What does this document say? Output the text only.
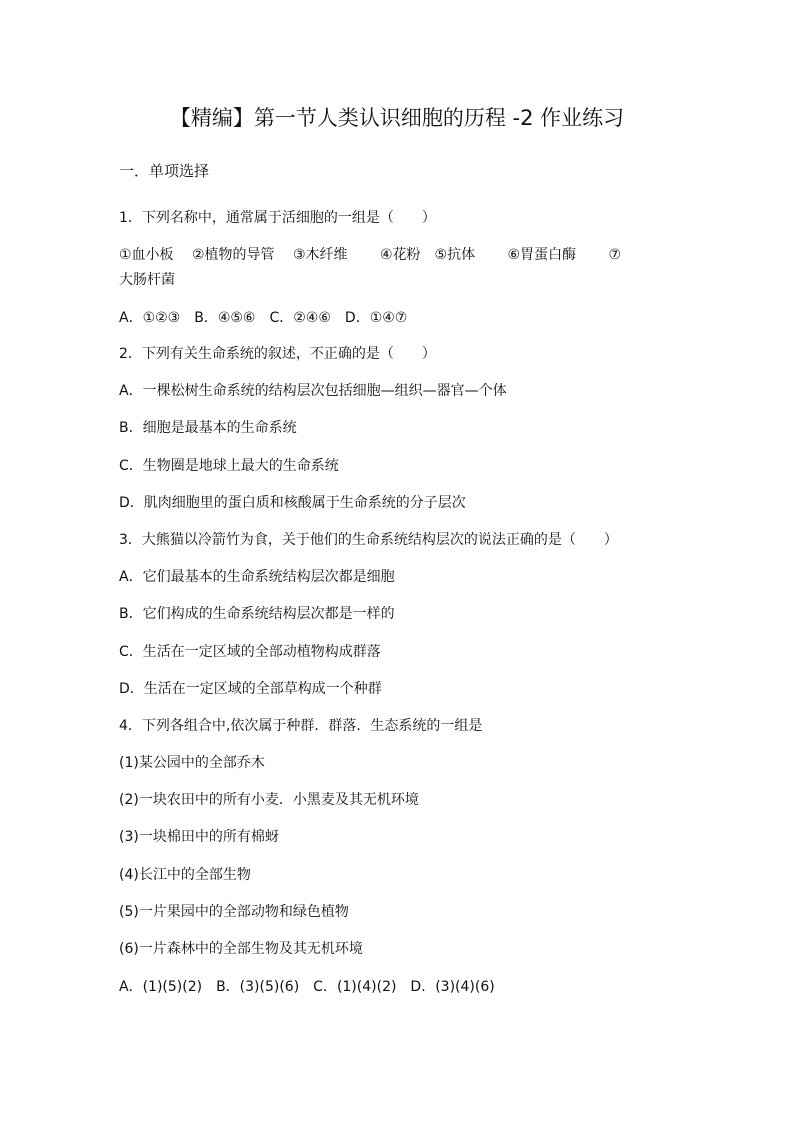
【精编】第一节人类认识细胞的历程 -2 作业练习
一．单项选择
1．下列名称中，通常属于活细胞的一组是（　　）
①血小板　 ②植物的导管　 ③木纤维　　 ④花粉　⑤抗体　　 ⑥胃蛋白酶　　 ⑦
大肠杆菌
A．①②③　B．④⑤⑥　C．②④⑥　D．①④⑦
2．下列有关生命系统的叙述，不正确的是（　　）
A．一棵松树生命系统的结构层次包括细胞—组织—器官—个体
B．细胞是最基本的生命系统
C．生物圈是地球上最大的生命系统
D．肌肉细胞里的蛋白质和核酸属于生命系统的分子层次
3．大熊猫以冷箭竹为食，关于他们的生命系统结构层次的说法正确的是（　　）
A．它们最基本的生命系统结构层次都是细胞
B．它们构成的生命系统结构层次都是一样的
C．生活在一定区域的全部动植物构成群落
D．生活在一定区域的全部草构成一个种群
4．下列各组合中,依次属于种群．群落．生态系统的一组是
(1)某公园中的全部乔木
(2)一块农田中的所有小麦．小黑麦及其无机环境
(3)一块棉田中的所有棉蚜
(4)长江中的全部生物
(5)一片果园中的全部动物和绿色植物
(6)一片森林中的全部生物及其无机环境
A．(1)(5)(2)　B．(3)(5)(6)　C．(1)(4)(2)　D．(3)(4)(6)
